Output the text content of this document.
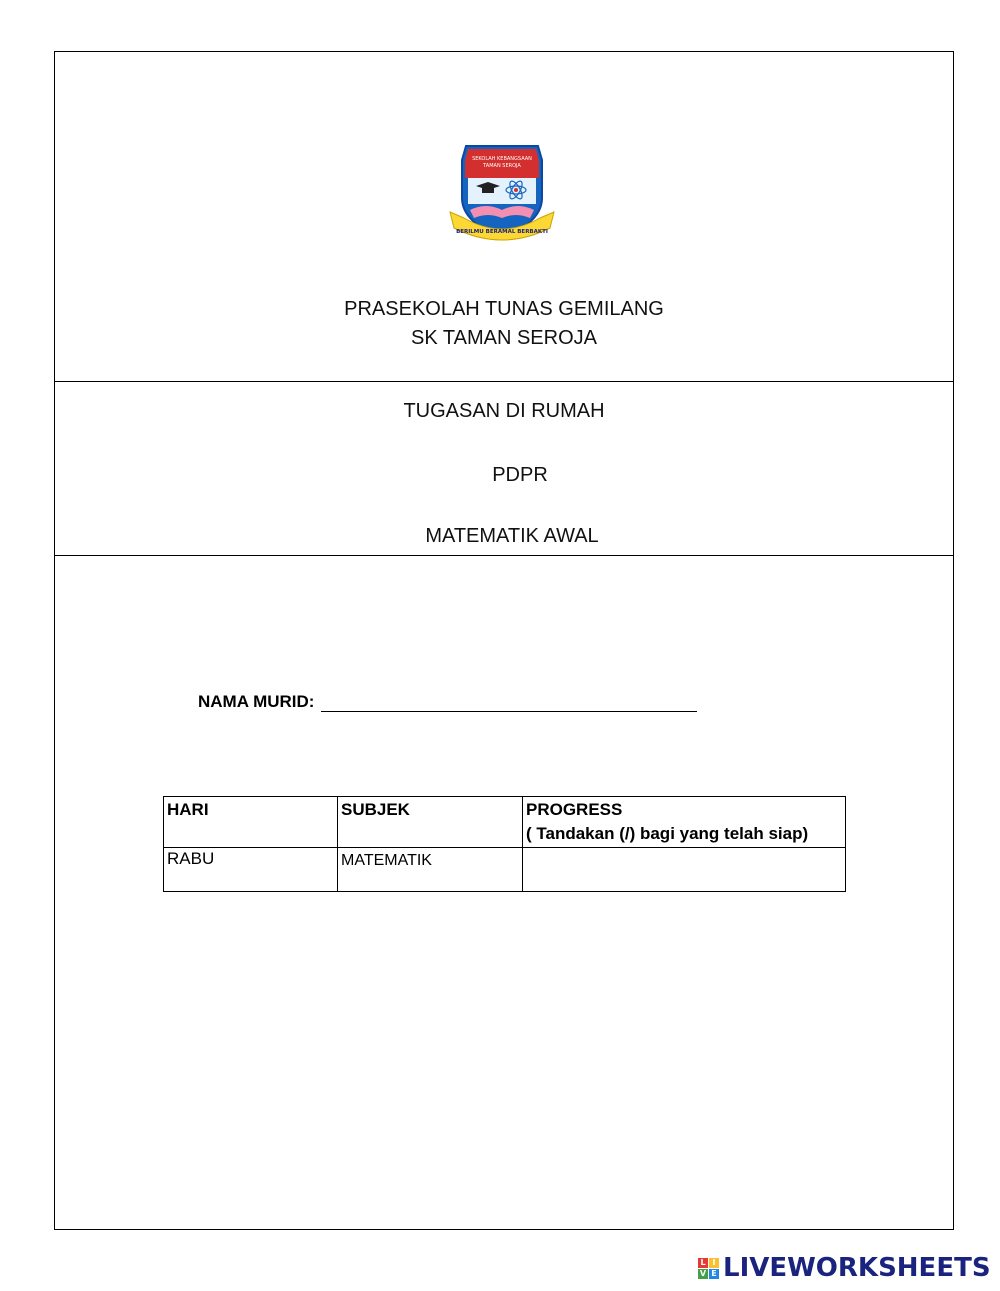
SEKOLAH KEBANGSAAN
TAMAN SEROJA
BERILMU BERAMAL BERBAKTI
PRASEKOLAH TUNAS GEMILANG
SK TAMAN SEROJA
TUGASAN DI RUMAH
PDPR
MATEMATIK AWAL
NAMA MURID:
HARI	SUBJEK	PROGRESS
( Tandakan (/) bagi yang telah siap)

RABU	MATEMATIK	
L I
V E LIVEWORKSHEETS
